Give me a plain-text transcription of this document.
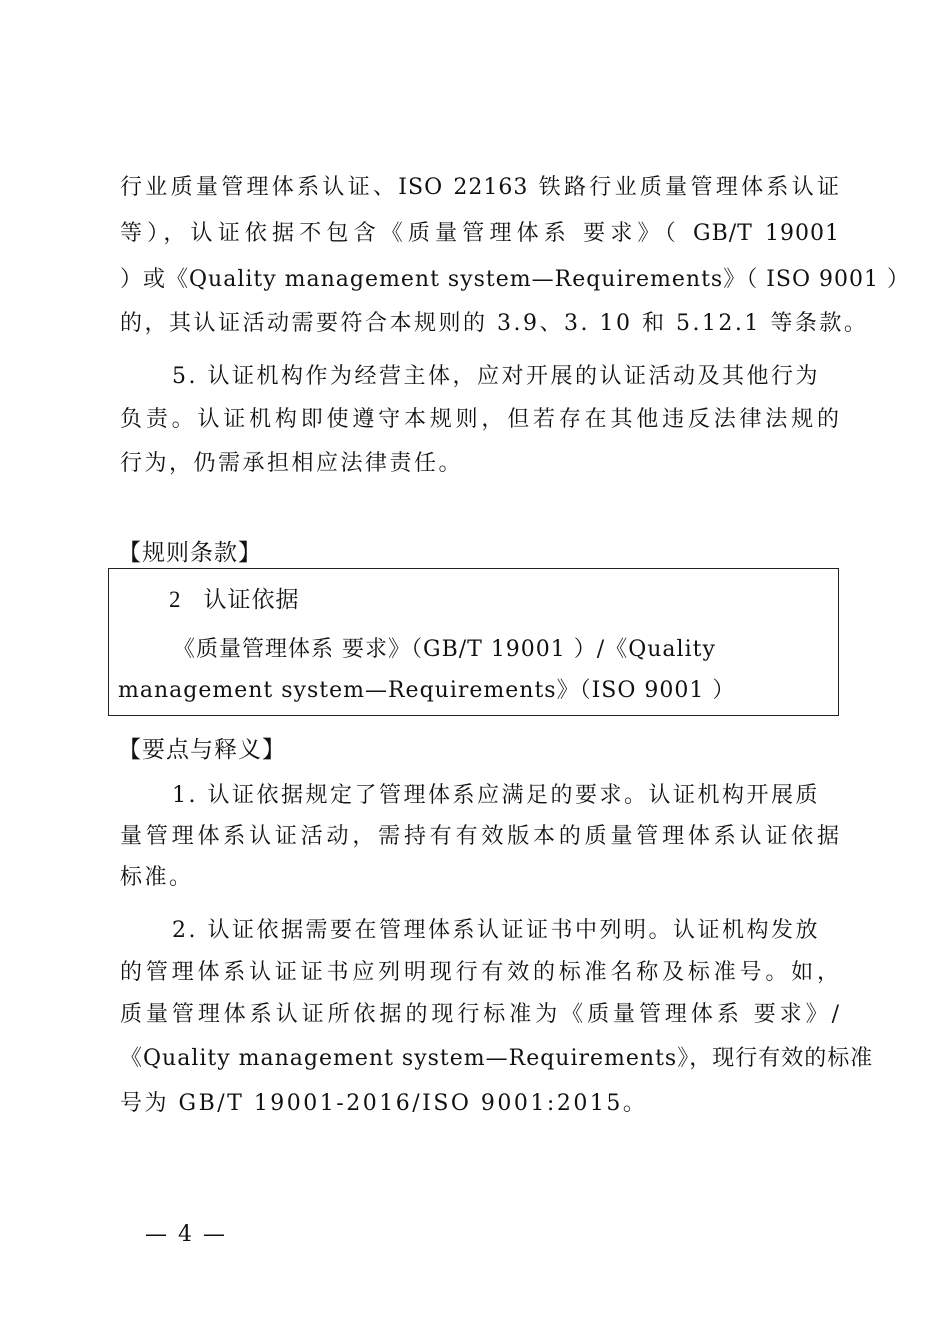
行业质量管理体系认证、ISO 22163 铁路行业质量管理体系认证
等），认证依据不包含《质量管理体系 要求》（ GB/T 19001
）或《Quality management system—Requirements》（ ISO 9001 ）
的，其认证活动需要符合本规则的 3.9、3. 10 和 5.12.1 等条款。
5. 认证机构作为经营主体，应对开展的认证活动及其他行为
负责。认证机构即使遵守本规则，但若存在其他违反法律法规的
行为，仍需承担相应法律责任。
【规则条款】
2 认证依据
《质量管理体系 要求》（GB/T 19001 ）/《Quality
management system—Requirements》（ISO 9001 ）
【要点与释义】
1. 认证依据规定了管理体系应满足的要求。认证机构开展质
量管理体系认证活动，需持有有效版本的质量管理体系认证依据
标准。
2. 认证依据需要在管理体系认证证书中列明。认证机构发放
的管理体系认证证书应列明现行有效的标准名称及标准号。如，
质量管理体系认证所依据的现行标准为《质量管理体系 要求》/
《Quality management system—Requirements》，现行有效的标准
号为 GB/T 19001-2016/ISO 9001:2015。
— 4 —
